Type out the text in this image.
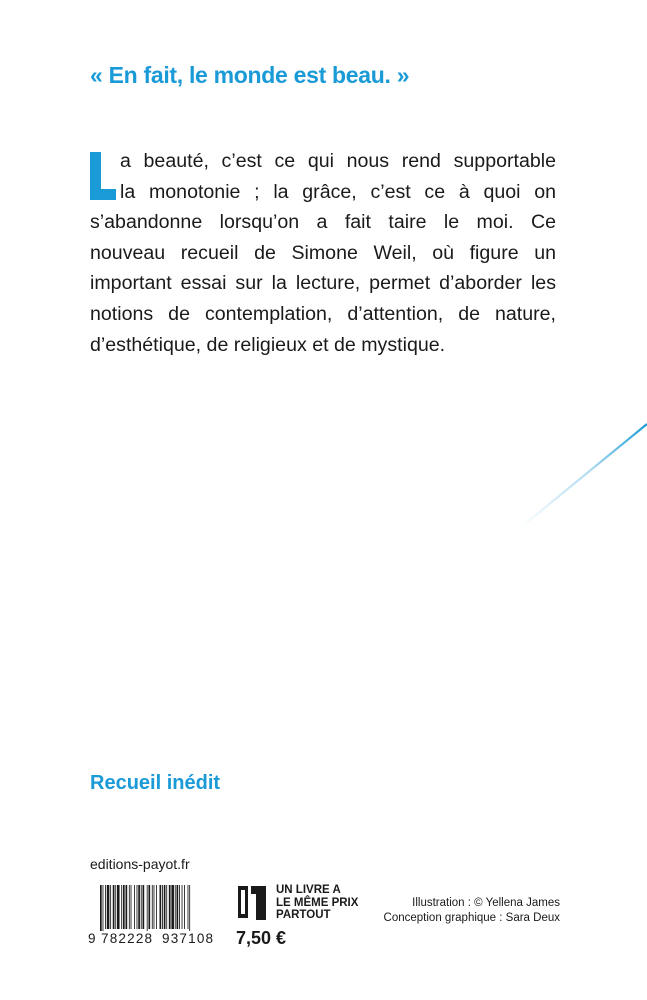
« En fait, le monde est beau. »
a beauté, c’est ce qui nous rend supportable
la monotonie ; la grâce, c’est ce à quoi on
s’abandonne lorsqu’on a fait taire le moi. Ce
nouveau recueil de Simone Weil, où figure un
important essai sur la lecture, permet d’aborder les
notions de contemplation, d’attention, de nature,
d’esthétique, de religieux et de mystique.
Recueil inédit
editions-payot.fr
9 782228 937108
UN LIVRE A
LE MÊME PRIX
PARTOUT
7,50 €
Illustration : © Yellena James
Conception graphique : Sara Deux
